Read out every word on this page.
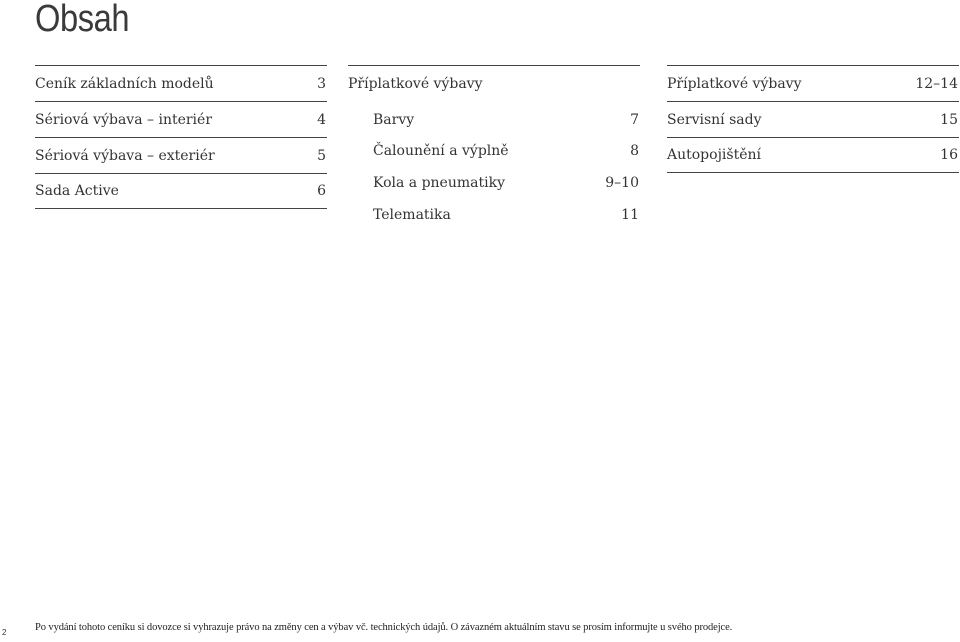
Obsah
Ceník základních modelů	3
Sériová výbava – interiér	4
Sériová výbava – exteriér	5
Sada Active	6
Příplatkové výbavy
Barvy	7
Čalounění a výplně	8
Kola a pneumatiky	9–10
Telematika	11
Příplatkové výbavy	12–14
Servisní sady	15
Autopojištění	16
2	Po vydání tohoto ceníku si dovozce si vyhrazuje právo na změny cen a výbav vč. technických údajů. O závazném aktuálním stavu se prosím informujte u svého prodejce.
